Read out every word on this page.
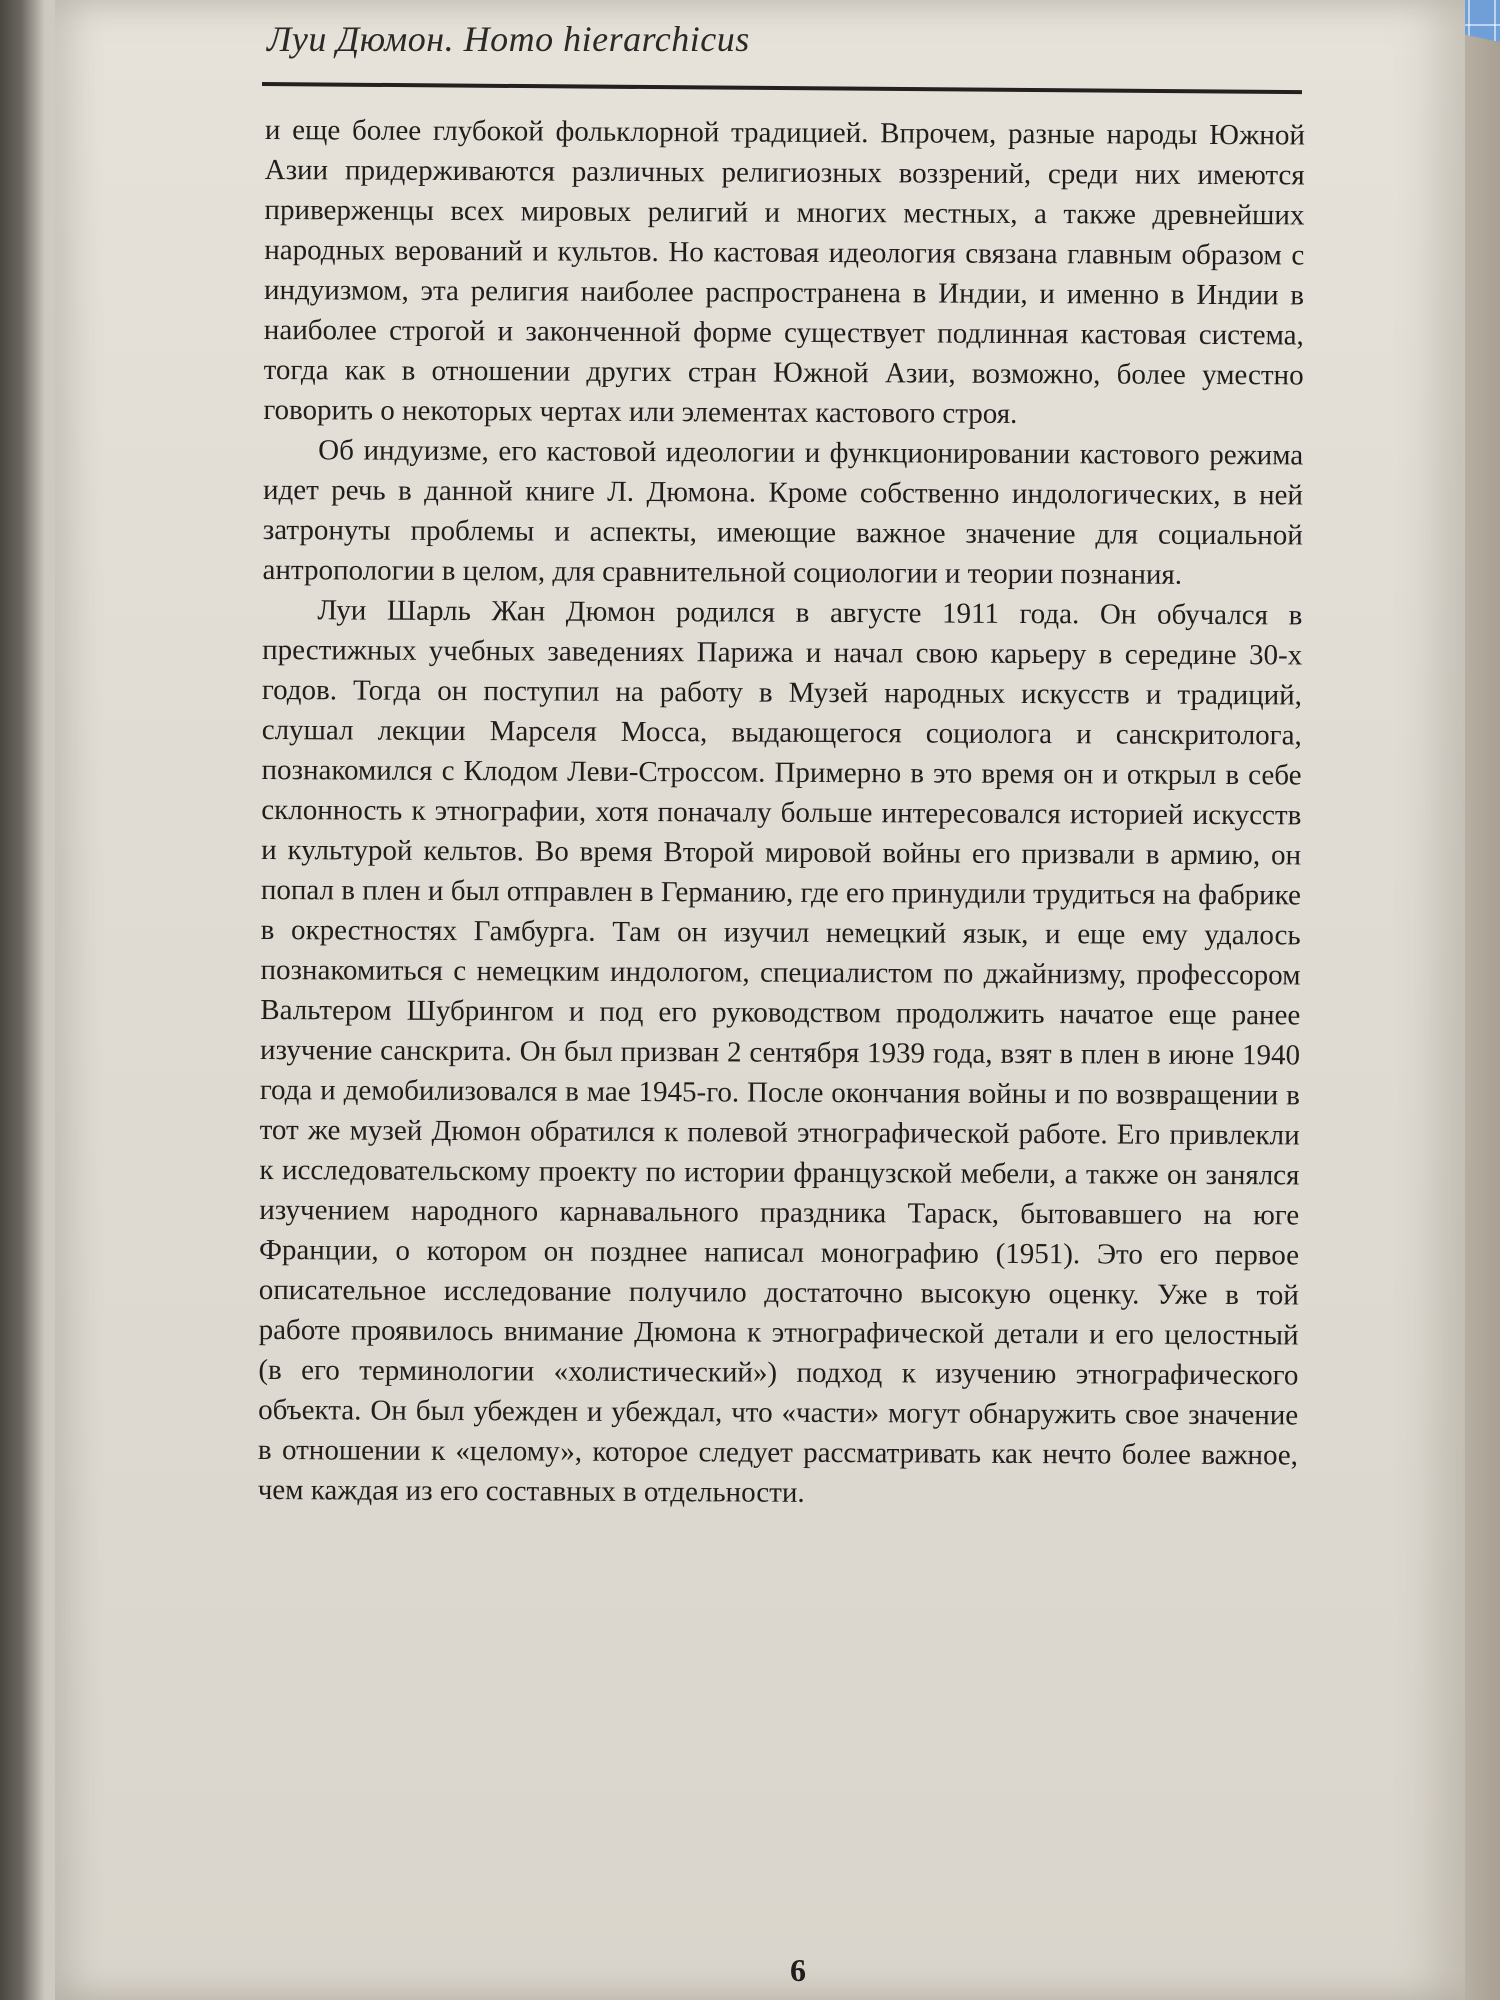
Луи Дюмон. Homo hierarchicus

и еще более глубокой фольклорной традицией. Впрочем, разные народы Южной Азии придерживаются различных религиозных воззрений, среди них имеются приверженцы всех мировых религий и многих местных, а также древнейших народных верований и культов. Но кастовая идеология связана главным образом с индуизмом, эта религия наиболее распространена в Индии, и именно в Индии в наиболее строгой и законченной форме существует подлинная кастовая система, тогда как в отношении других стран Южной Азии, возможно, более уместно говорить о некоторых чертах или элементах кастового строя.

Об индуизме, его кастовой идеологии и функционировании кастового режима идет речь в данной книге Л. Дюмона. Кроме собственно индологических, в ней затронуты проблемы и аспекты, имеющие важное значение для социальной антропологии в целом, для сравнительной социологии и теории познания.

Луи Шарль Жан Дюмон родился в августе 1911 года. Он обучался в престижных учебных заведениях Парижа и начал свою карьеру в середине 30-х годов. Тогда он поступил на работу в Музей народных искусств и традиций, слушал лекции Марселя Мосса, выдающегося социолога и санскритолога, познакомился с Клодом Леви-Строссом. Примерно в это время он и открыл в себе склонность к этнографии, хотя поначалу больше интересовался историей искусств и культурой кельтов. Во время Второй мировой войны его призвали в армию, он попал в плен и был отправлен в Германию, где его принудили трудиться на фабрике в окрестностях Гамбурга. Там он изучил немецкий язык, и еще ему удалось познакомиться с немецким индологом, специалистом по джайнизму, профессором Вальтером Шубрингом и под его руководством продолжить начатое еще ранее изучение санскрита. Он был призван 2 сентября 1939 года, взят в плен в июне 1940 года и демобилизовался в мае 1945-го. После окончания войны и по возвращении в тот же музей Дюмон обратился к полевой этнографической работе. Его привлекли к исследовательскому проекту по истории французской мебели, а также он занялся изучением народного карнавального праздника Тараск, бытовавшего на юге Франции, о котором он позднее написал монографию (1951). Это его первое описательное исследование получило достаточно высокую оценку. Уже в той работе проявилось внимание Дюмона к этнографической детали и его целостный (в его терминологии «холистический») подход к изучению этнографического объекта. Он был убежден и убеждал, что «части» могут обнаружить свое значение в отношении к «целому», которое следует рассматривать как нечто более важное, чем каждая из его составных в отдельности.

6
